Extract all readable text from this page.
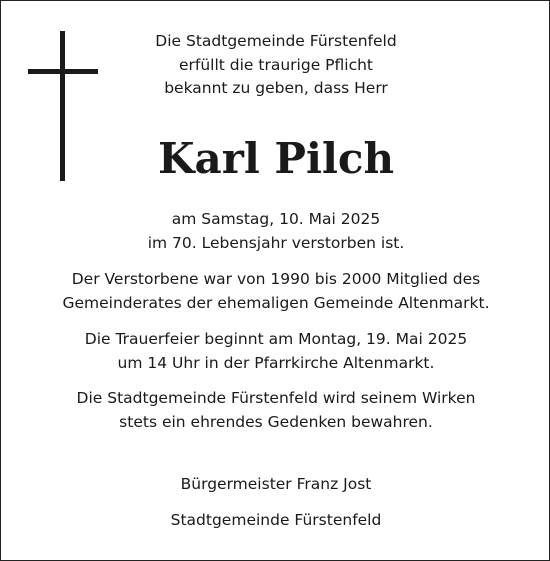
Die Stadtgemeinde Fürstenfeld
erfüllt die traurige Pflicht
bekannt zu geben, dass Herr
Karl Pilch
am Samstag, 10. Mai 2025
im 70. Lebensjahr verstorben ist.
Der Verstorbene war von 1990 bis 2000 Mitglied des
Gemeinderates der ehemaligen Gemeinde Altenmarkt.
Die Trauerfeier beginnt am Montag, 19. Mai 2025
um 14 Uhr in der Pfarrkirche Altenmarkt.
Die Stadtgemeinde Fürstenfeld wird seinem Wirken
stets ein ehrendes Gedenken bewahren.
Bürgermeister Franz Jost
Stadtgemeinde Fürstenfeld
